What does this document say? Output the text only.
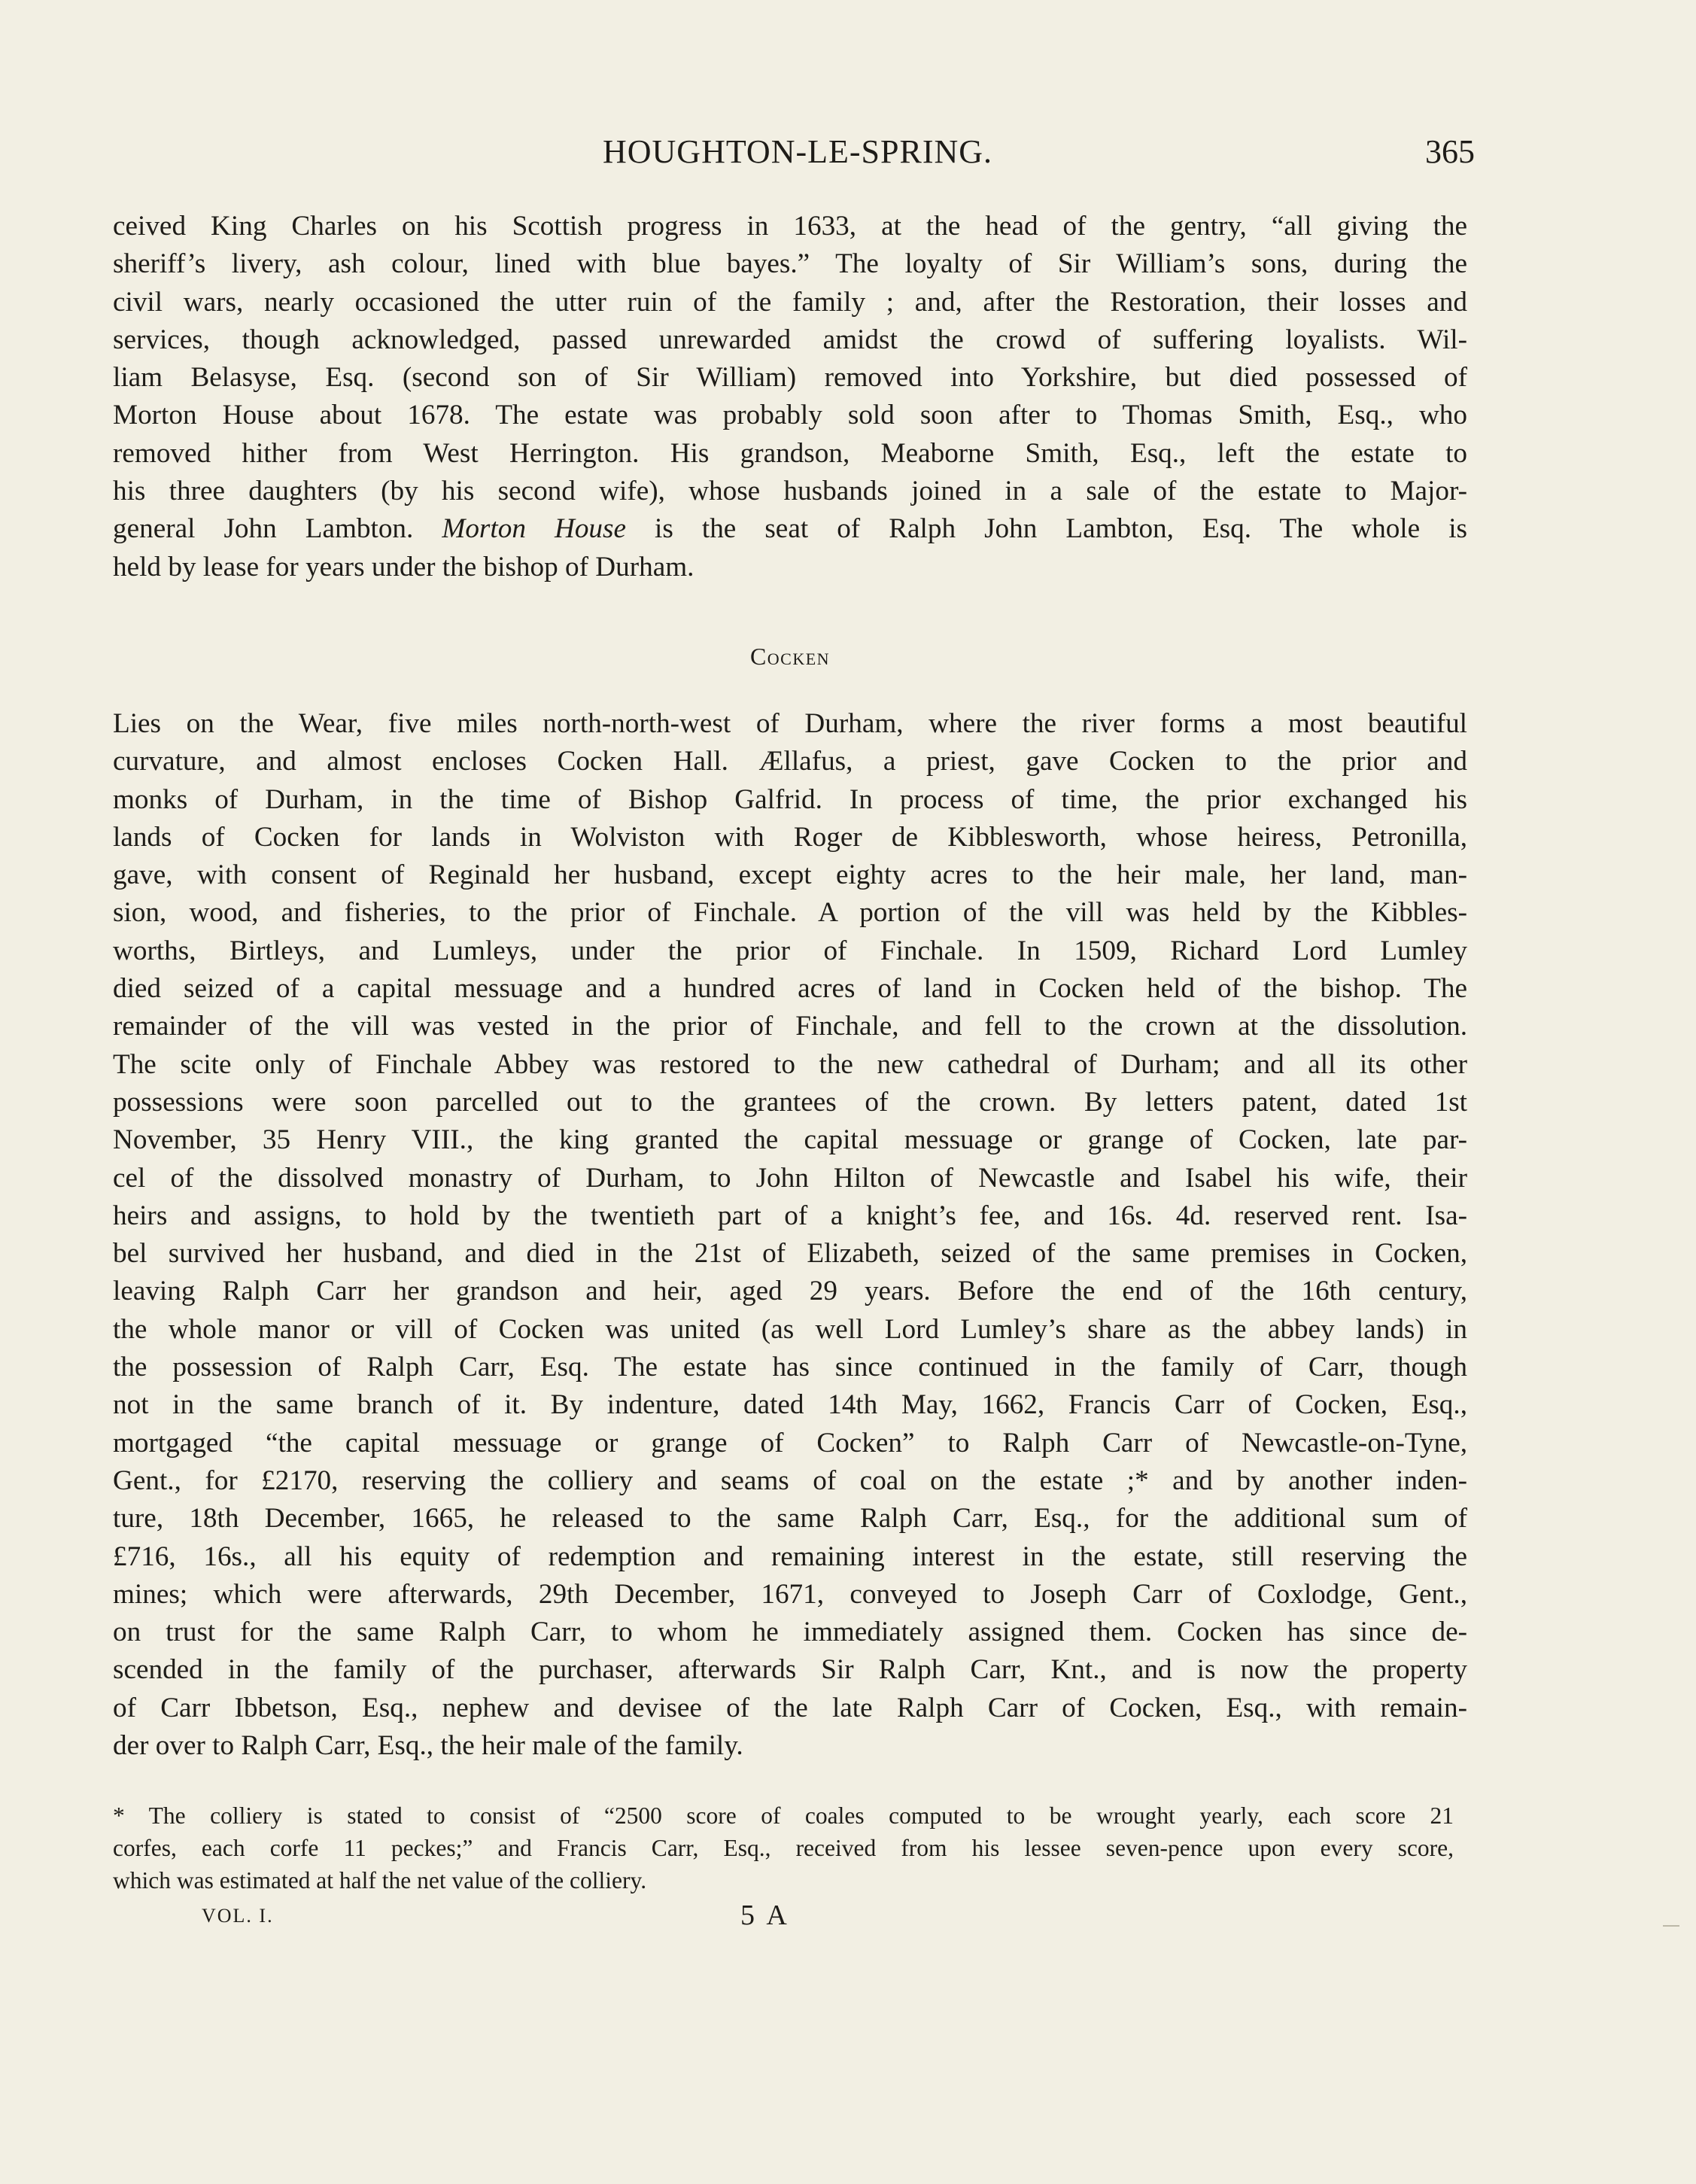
HOUGHTON-LE-SPRING.	365
ceived King Charles on his Scottish progress in 1633, at the head of the gentry, “all giving the
sheriff’s livery, ash colour, lined with blue bayes.” The loyalty of Sir William’s sons, during the
civil wars, nearly occasioned the utter ruin of the family ; and, after the Restoration, their losses and
services, though acknowledged, passed unrewarded amidst the crowd of suffering loyalists. Wil-
liam Belasyse, Esq. (second son of Sir William) removed into Yorkshire, but died possessed of
Morton House about 1678. The estate was probably sold soon after to Thomas Smith, Esq., who
removed hither from West Herrington. His grandson, Meaborne Smith, Esq., left the estate to
his three daughters (by his second wife), whose husbands joined in a sale of the estate to Major-
general John Lambton. Morton House is the seat of Ralph John Lambton, Esq. The whole is
held by lease for years under the bishop of Durham.
Cocken
Lies on the Wear, five miles north-north-west of Durham, where the river forms a most beautiful
curvature, and almost encloses Cocken Hall. Ællafus, a priest, gave Cocken to the prior and
monks of Durham, in the time of Bishop Galfrid. In process of time, the prior exchanged his
lands of Cocken for lands in Wolviston with Roger de Kibblesworth, whose heiress, Petronilla,
gave, with consent of Reginald her husband, except eighty acres to the heir male, her land, man-
sion, wood, and fisheries, to the prior of Finchale. A portion of the vill was held by the Kibbles-
worths, Birtleys, and Lumleys, under the prior of Finchale. In 1509, Richard Lord Lumley
died seized of a capital messuage and a hundred acres of land in Cocken held of the bishop. The
remainder of the vill was vested in the prior of Finchale, and fell to the crown at the dissolution.
The scite only of Finchale Abbey was restored to the new cathedral of Durham; and all its other
possessions were soon parcelled out to the grantees of the crown. By letters patent, dated 1st
November, 35 Henry VIII., the king granted the capital messuage or grange of Cocken, late par-
cel of the dissolved monastry of Durham, to John Hilton of Newcastle and Isabel his wife, their
heirs and assigns, to hold by the twentieth part of a knight’s fee, and 16s. 4d. reserved rent. Isa-
bel survived her husband, and died in the 21st of Elizabeth, seized of the same premises in Cocken,
leaving Ralph Carr her grandson and heir, aged 29 years. Before the end of the 16th century,
the whole manor or vill of Cocken was united (as well Lord Lumley’s share as the abbey lands) in
the possession of Ralph Carr, Esq. The estate has since continued in the family of Carr, though
not in the same branch of it. By indenture, dated 14th May, 1662, Francis Carr of Cocken, Esq.,
mortgaged “the capital messuage or grange of Cocken” to Ralph Carr of Newcastle-on-Tyne,
Gent., for £2170, reserving the colliery and seams of coal on the estate ;* and by another inden-
ture, 18th December, 1665, he released to the same Ralph Carr, Esq., for the additional sum of
£716, 16s., all his equity of redemption and remaining interest in the estate, still reserving the
mines; which were afterwards, 29th December, 1671, conveyed to Joseph Carr of Coxlodge, Gent.,
on trust for the same Ralph Carr, to whom he immediately assigned them. Cocken has since de-
scended in the family of the purchaser, afterwards Sir Ralph Carr, Knt., and is now the property
of Carr Ibbetson, Esq., nephew and devisee of the late Ralph Carr of Cocken, Esq., with remain-
der over to Ralph Carr, Esq., the heir male of the family.
* The colliery is stated to consist of “2500 score of coales computed to be wrought yearly, each score 21
corfes, each corfe 11 peckes;” and Francis Carr, Esq., received from his lessee seven-pence upon every score,
which was estimated at half the net value of the colliery.
VOL. I.	5 A
